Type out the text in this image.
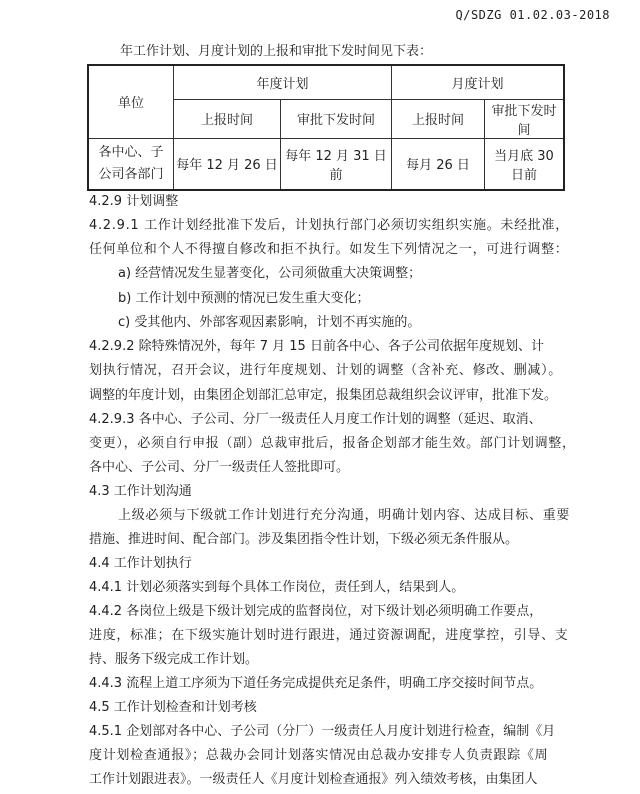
Q/SDZG 01.02.03-2018
年工作计划、月度计划的上报和审批下发时间见下表：
单位	年度计划		月度计划	
	上报时间	审批下发时间	上报时间	审批下发时间

各中心、子
公司各部门	每年 12 月 26 日	每年 12 月 31 日前	每月 26 日	当月底 30 日前
4.2.9 计划调整
4.2.9.1 工作计划经批准下发后，计划执行部门必须切实组织实施。未经批准，
任何单位和个人不得擅自修改和拒不执行。如发生下列情况之一，可进行调整：
a) 经营情况发生显著变化，公司须做重大决策调整；
b) 工作计划中预测的情况已发生重大变化；
c) 受其他内、外部客观因素影响，计划不再实施的。
4.2.9.2 除特殊情况外，每年 7 月 15 日前各中心、各子公司依据年度规划、计
划执行情况，召开会议，进行年度规划、计划的调整（含补充、修改、删减）。
调整的年度计划，由集团企划部汇总审定，报集团总裁组织会议评审，批准下发。
4.2.9.3 各中心、子公司、分厂一级责任人月度工作计划的调整（延迟、取消、
变更），必须自行申报（副）总裁审批后，报备企划部才能生效。部门计划调整，
各中心、子公司、分厂一级责任人签批即可。
4.3 工作计划沟通
上级必须与下级就工作计划进行充分沟通，明确计划内容、达成目标、重要
措施、推进时间、配合部门。涉及集团指令性计划，下级必须无条件服从。
4.4 工作计划执行
4.4.1 计划必须落实到每个具体工作岗位，责任到人，结果到人。
4.4.2 各岗位上级是下级计划完成的监督岗位，对下级计划必须明确工作要点，
进度，标准；在下级实施计划时进行跟进，通过资源调配，进度掌控，引导、支
持、服务下级完成工作计划。
4.4.3 流程上道工序须为下道任务完成提供充足条件，明确工序交接时间节点。
4.5 工作计划检查和计划考核
4.5.1 企划部对各中心、子公司（分厂）一级责任人月度计划进行检查，编制《月
度计划检查通报》；总裁办会同计划落实情况由总裁办安排专人负责跟踪《周
工作计划跟进表》。一级责任人《月度计划检查通报》列入绩效考核，由集团人
